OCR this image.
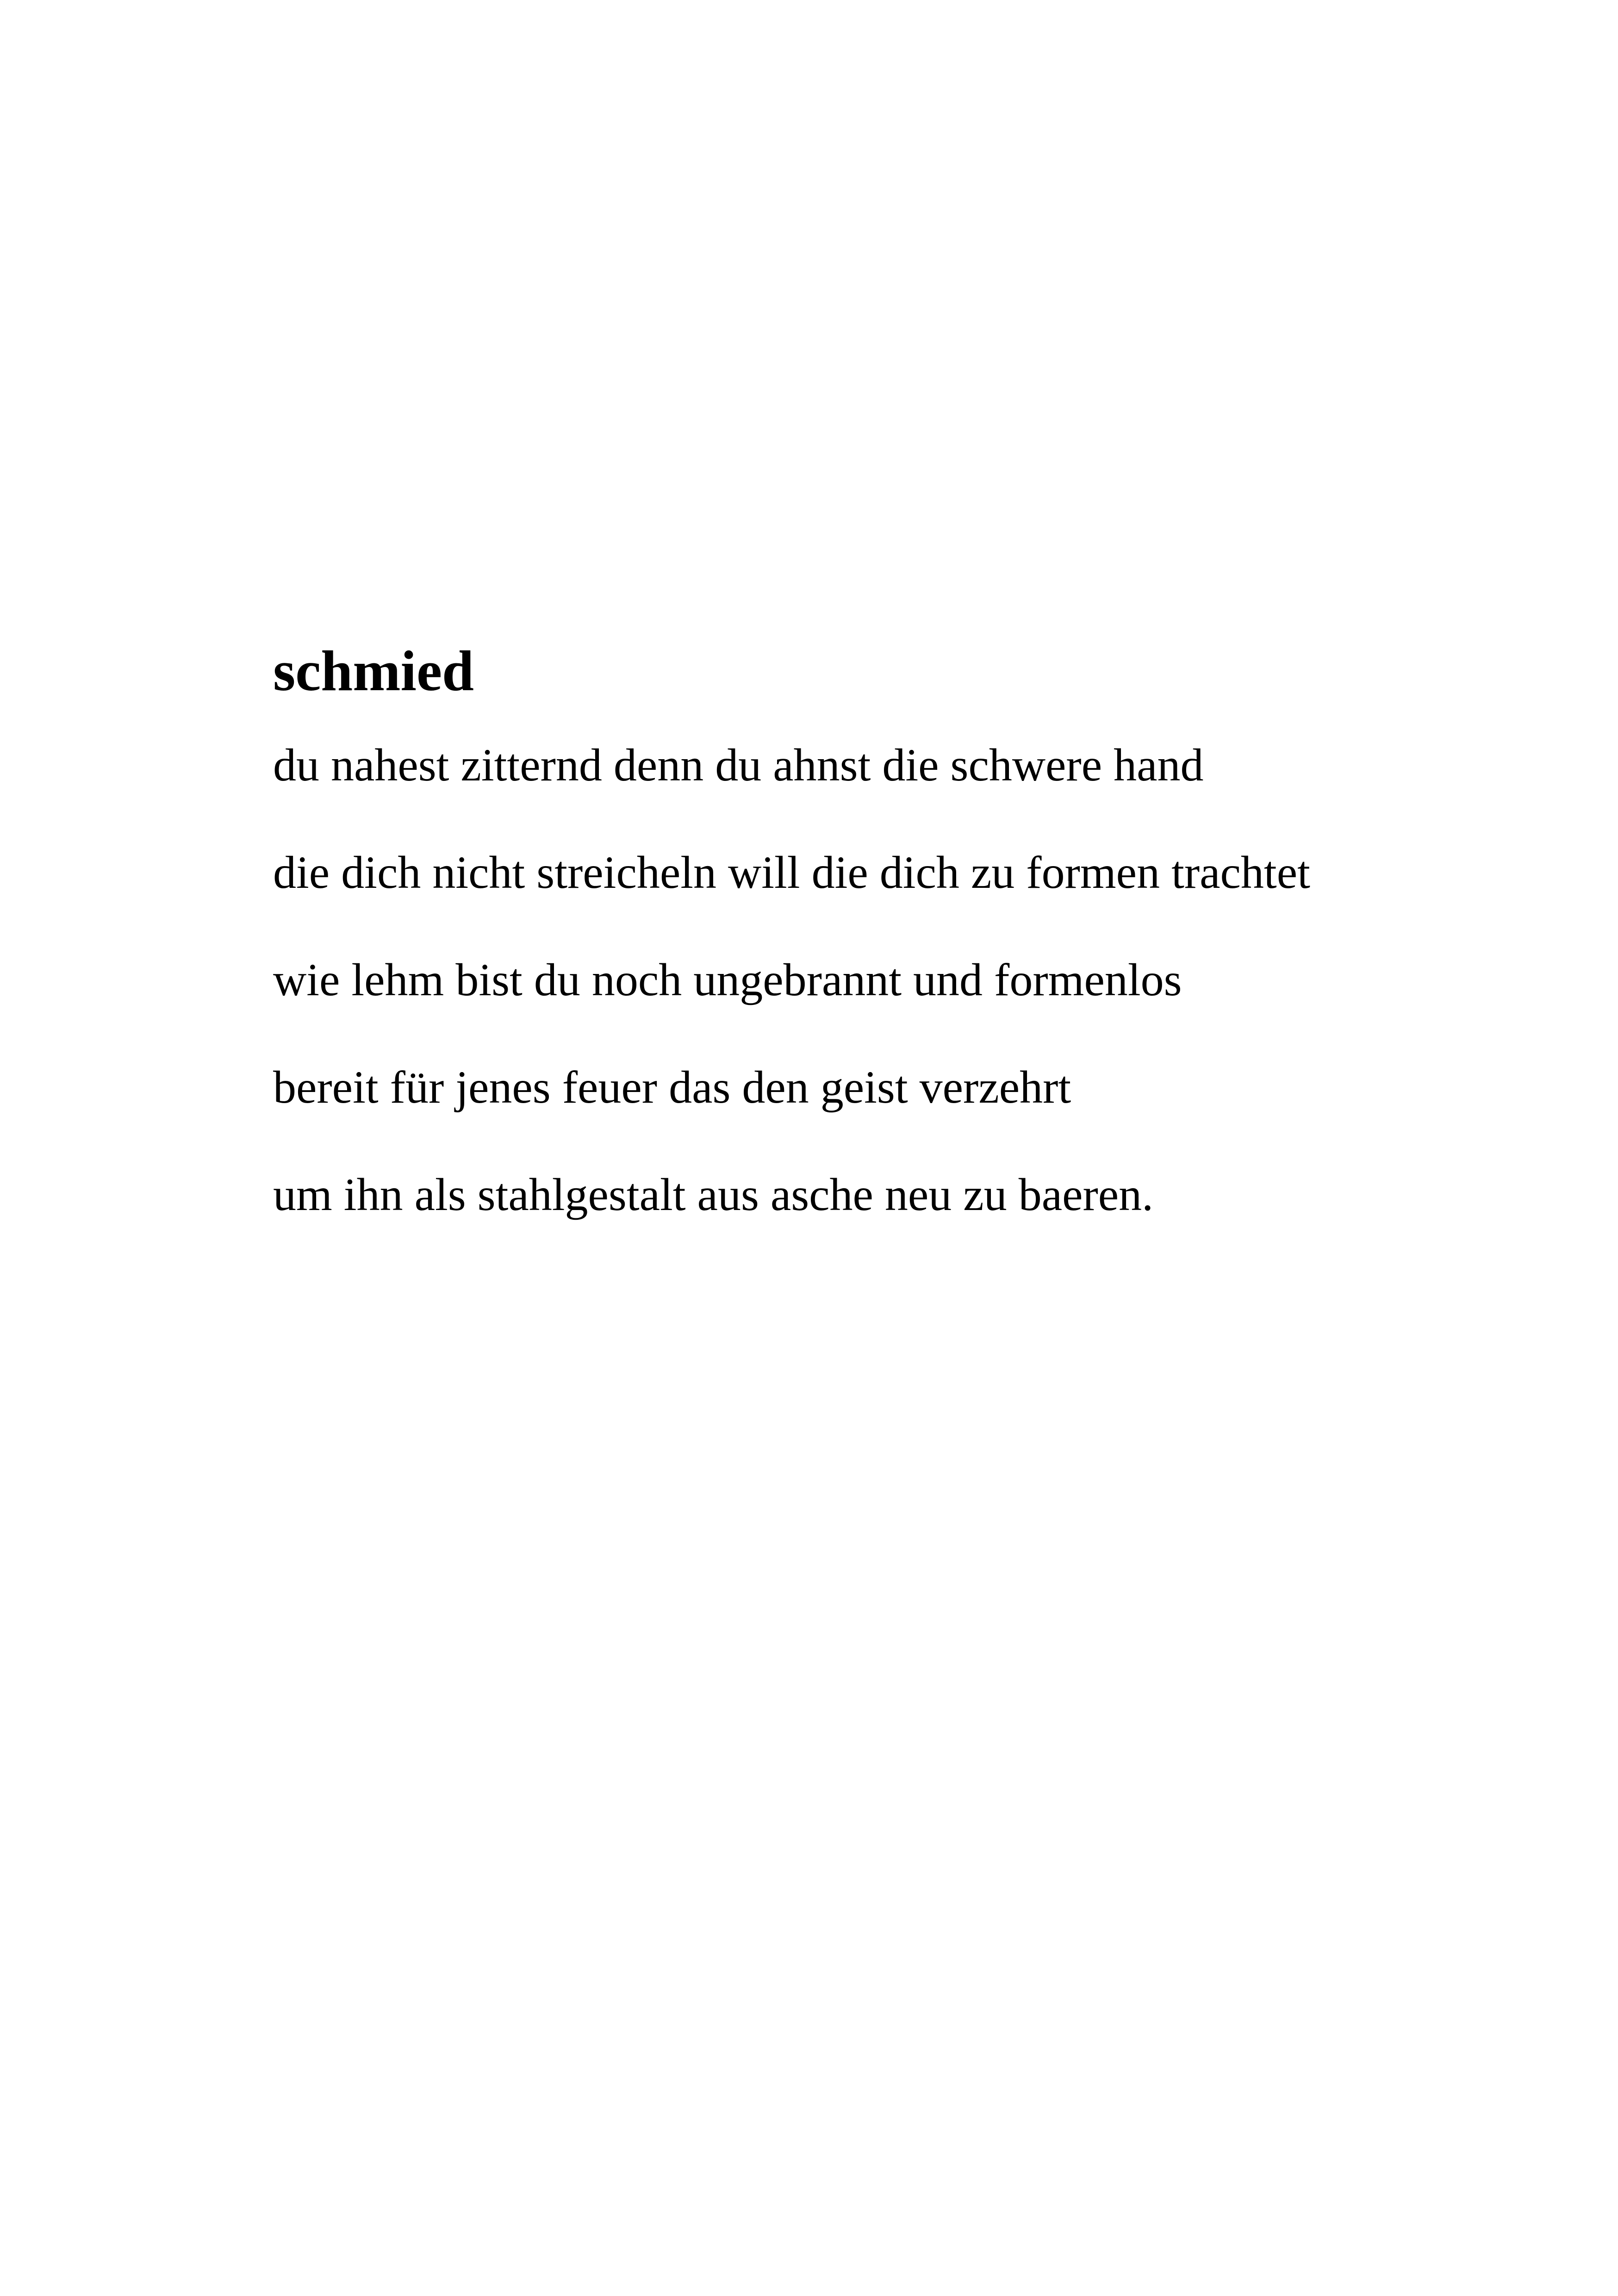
schmied
du nahest zitternd denn du ahnst die schwere hand
die dich nicht streicheln will die dich zu formen trachtet
wie lehm bist du noch ungebrannt und formenlos
bereit für jenes feuer das den geist verzehrt
um ihn als stahlgestalt aus asche neu zu baeren.
